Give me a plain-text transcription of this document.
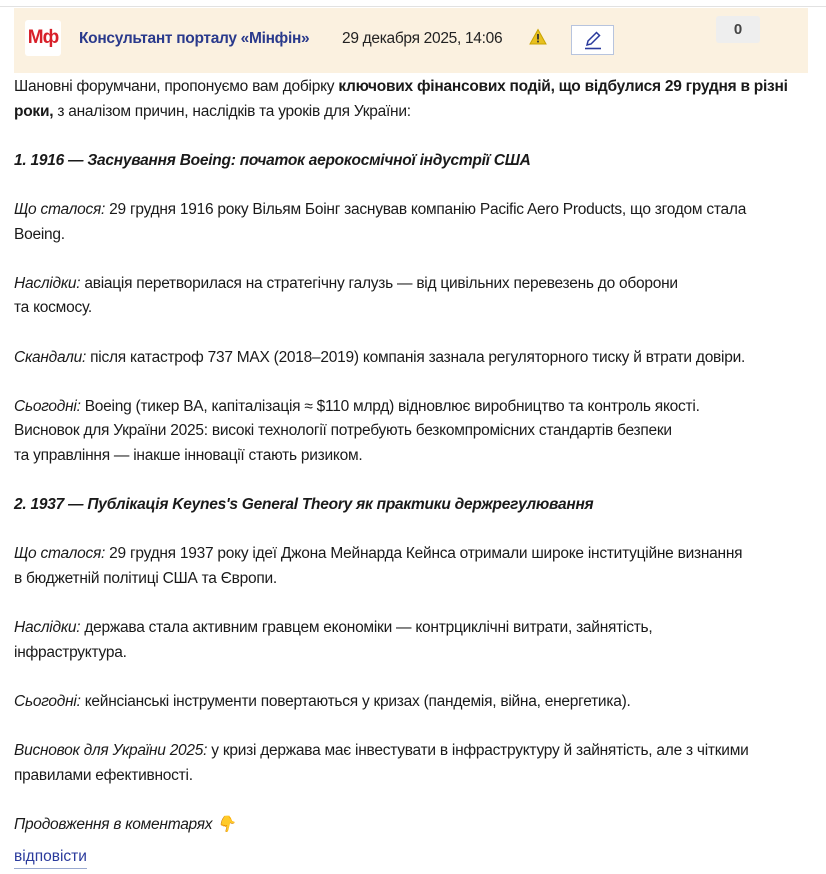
Мф Консультант порталу «Мінфін» 29 декабря 2025, 14:06
0
Шановні форумчани, пропонуємо вам добірку ключових фінансових подій, що відбулися 29 грудня в різні
роки, з аналізом причин, наслідків та уроків для України:
1. 1916 — Заснування Boeing: початок аерокосмічної індустрії США
Що сталося: 29 грудня 1916 року Вільям Боінг заснував компанію Pacific Aero Products, що згодом стала
Boeing.
Наслідки: авіація перетворилася на стратегічну галузь — від цивільних перевезень до оборони
та космосу.
Скандали: після катастроф 737 MAX (2018–2019) компанія зазнала регуляторного тиску й втрати довіри.
Сьогодні: Boeing (тикер BA, капіталізація ≈ $110 млрд) відновлює виробництво та контроль якості.
Висновок для України 2025: високі технології потребують безкомпромісних стандартів безпеки
та управління — інакше інновації стають ризиком.
2. 1937 — Публікація Keynes's General Theory як практики держрегулювання
Що сталося: 29 грудня 1937 року ідеї Джона Мейнарда Кейнса отримали широке інституційне визнання
в бюджетній політиці США та Європи.
Наслідки: держава стала активним гравцем економіки — контрциклічні витрати, зайнятість,
інфраструктура.
Сьогодні: кейнсіанські інструменти повертаються у кризах (пандемія, війна, енергетика).
Висновок для України 2025: у кризі держава має інвестувати в інфраструктуру й зайнятість, але з чіткими
правилами ефективності.
Продовження в коментарях 👇
відповісти
